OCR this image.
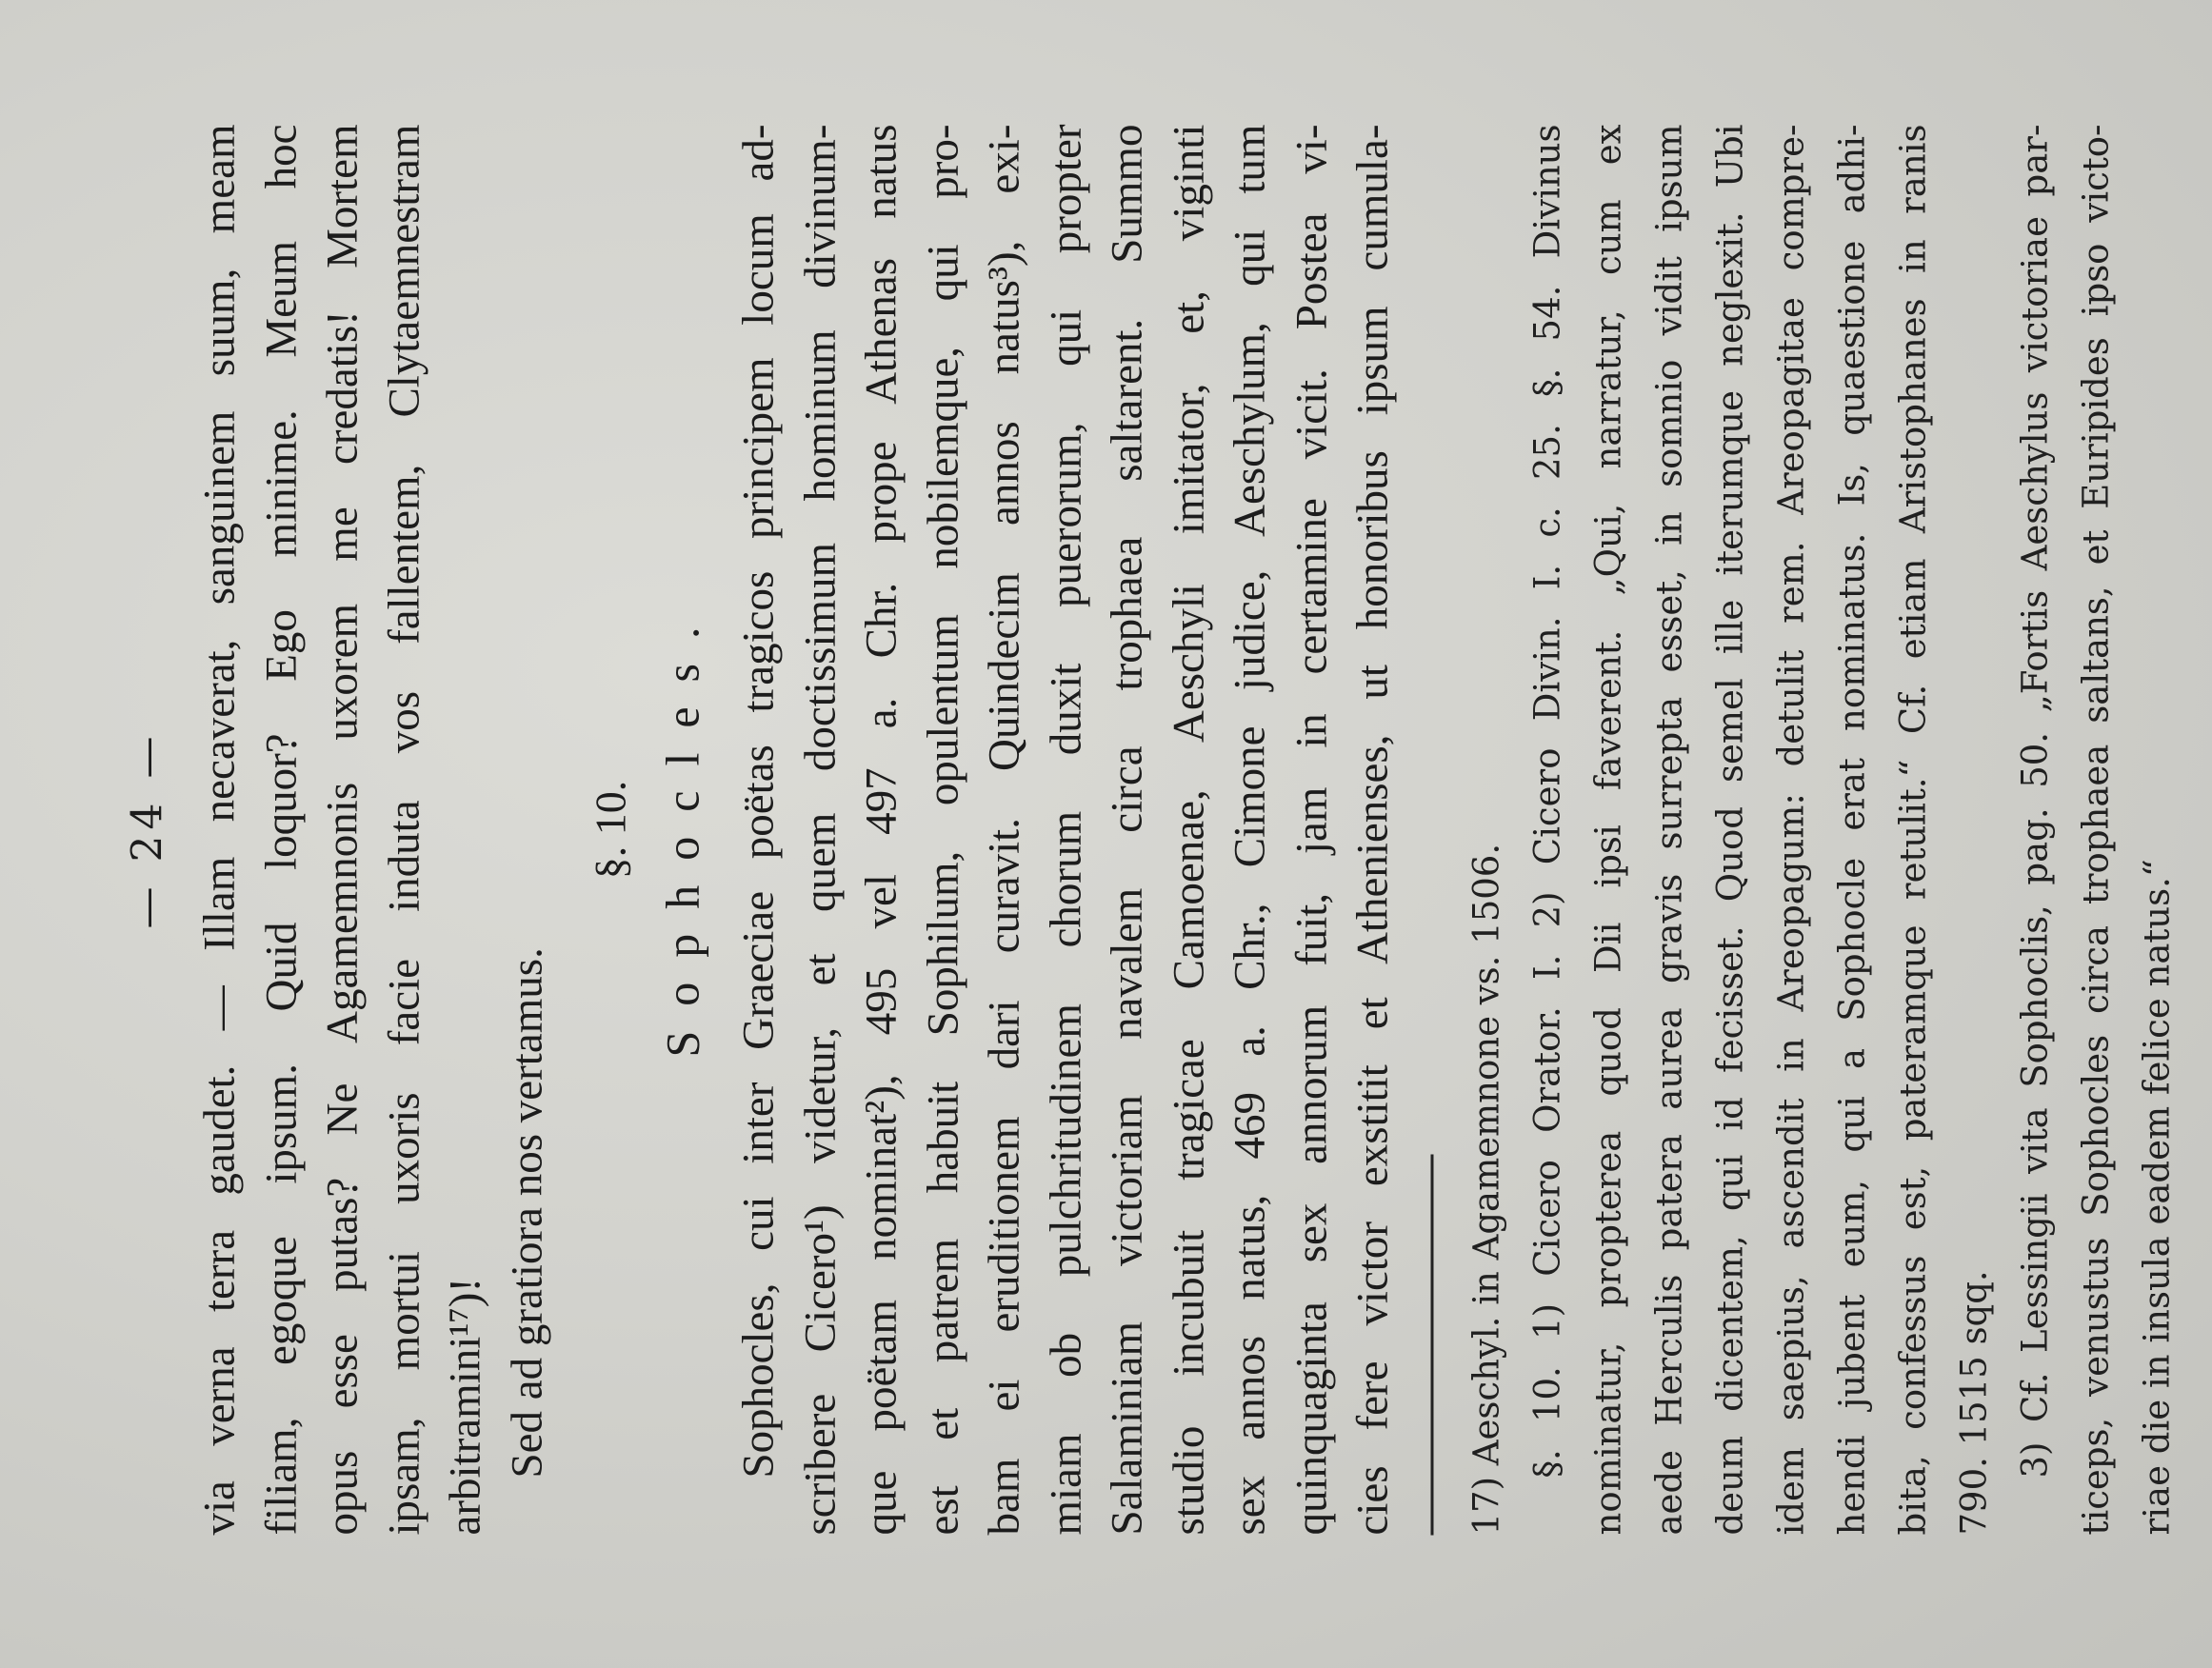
— 24 — via verna terra gaudet. — Illam necaverat, sanguinem suum, meam filiam, egoque ipsum. Quid loquor? Ego minime. Meum hoc opus esse putas? Ne Agamemnonis uxorem me credatis! Mortem ipsam, mortui uxoris facie induta vos fallentem, Clytaemnestram arbitramini¹⁷)! Sed ad gratiora nos vertamus.
§. 10. Sophocles. Sophocles, cui inter Graeciae poëtas tragicos principem locum ad- scribere Cicero¹) videtur, et quem doctissimum hominum divinum- que poëtam nominat²), 495 vel 497 a. Chr. prope Athenas natus est et patrem habuit Sophilum, opulentum nobilemque, qui pro- bam ei eruditionem dari curavit. Quindecim annos natus³), exi- miam ob pulchritudinem chorum duxit puerorum, qui propter Salaminiam victoriam navalem circa trophaea saltarent. Summo studio incubuit tragicae Camoenae, Aeschyli imitator, et, viginti sex annos natus, 469 a. Chr., Cimone judice, Aeschylum, qui tum quinquaginta sex annorum fuit, jam in certamine vicit. Postea vi- cies fere victor exstitit et Athenienses, ut honoribus ipsum cumula- 17) Aeschyl. in Agamemnone vs. 1506. §. 10. 1) Cicero Orator. I. 2) Cicero Divin. I. c. 25. §. 54. Divinus nominatur, propterea quod Dii ipsi faverent. „Qui, narratur, cum ex aede Herculis patera aurea gravis surrepta esset, in somnio vidit ipsum deum dicentem, qui id fecisset. Quod semel ille iterumque neglexit. Ubi idem saepius, ascendit in Areopagum: detulit rem. Areopagitae compre- hendi jubent eum, qui a Sophocle erat nominatus. Is, quaestione adhi- bita, confessus est, pateramque retulit.“ Cf. etiam Aristophanes in ranis 790. 1515 sqq. 3) Cf. Lessingii vita Sophoclis, pag. 50. „Fortis Aeschylus victoriae par- ticeps, venustus Sophocles circa trophaea saltans, et Euripides ipso victo- riae die in insula eadem felice natus.“
